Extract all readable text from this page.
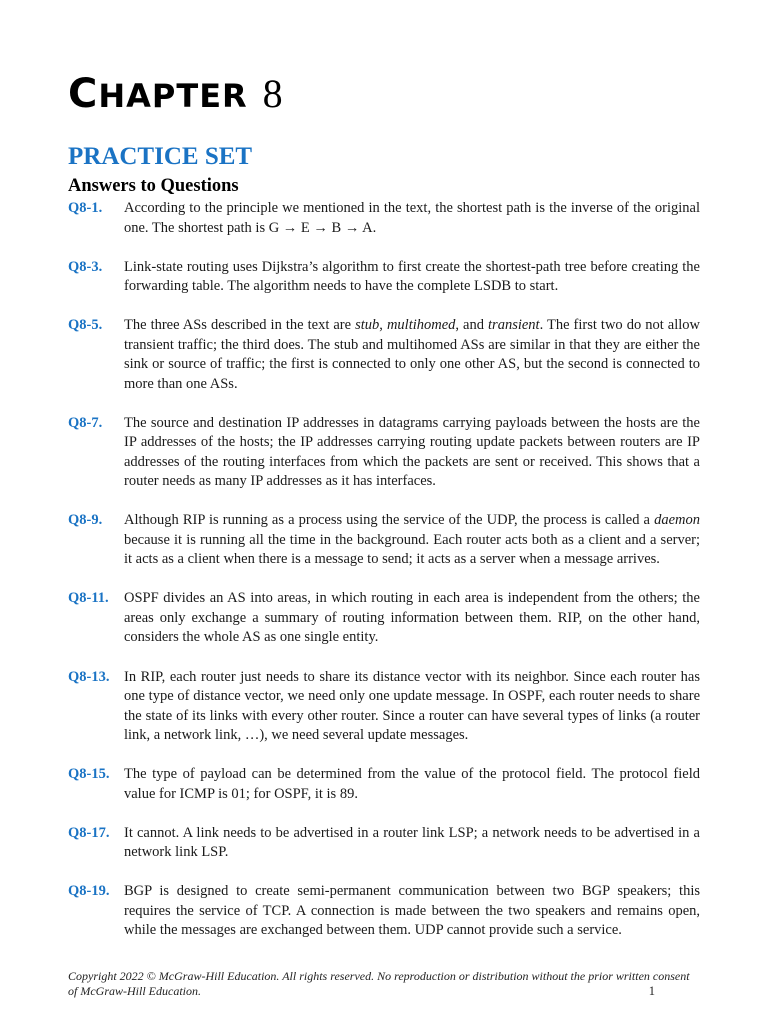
CHAPTER 8
PRACTICE SET
Answers to Questions
Q8-1.	According to the principle we mentioned in the text, the shortest path is the inverse of the original one. The shortest path is G → E → B → A.

Q8-3.	Link-state routing uses Dijkstra’s algorithm to first create the shortest-path tree before creating the forwarding table. The algorithm needs to have the complete LSDB to start.

Q8-5.	The three ASs described in the text are stub, multihomed, and transient. The first two do not allow transient traffic; the third does. The stub and multihomed ASs are similar in that they are either the sink or source of traffic; the first is connected to only one other AS, but the second is connected to more than one ASs.

Q8-7.	The source and destination IP addresses in datagrams carrying payloads between the hosts are the IP addresses of the hosts; the IP addresses carrying routing update packets between routers are IP addresses of the routing interfaces from which the packets are sent or received. This shows that a router needs as many IP addresses as it has interfaces.

Q8-9.	Although RIP is running as a process using the service of the UDP, the process is called a daemon because it is running all the time in the background. Each router acts both as a client and a server; it acts as a client when there is a message to send; it acts as a server when a message arrives.

Q8-11.	OSPF divides an AS into areas, in which routing in each area is independent from the others; the areas only exchange a summary of routing information between them. RIP, on the other hand, considers the whole AS as one single entity.

Q8-13.	In RIP, each router just needs to share its distance vector with its neighbor. Since each router has one type of distance vector, we need only one update message. In OSPF, each router needs to share the state of its links with every other router. Since a router can have several types of links (a router link, a network link, …), we need several update messages.

Q8-15.	The type of payload can be determined from the value of the protocol field. The protocol field value for ICMP is 01; for OSPF, it is 89.

Q8-17.	It cannot. A link needs to be advertised in a router link LSP; a network needs to be advertised in a network link LSP.

Q8-19.	BGP is designed to create semi-permanent communication between two BGP speakers; this requires the service of TCP. A connection is made between the two speakers and remains open, while the messages are exchanged between them. UDP cannot provide such a service.

Copyright 2022 © McGraw-Hill Education. All rights reserved. No reproduction or distribution without the prior written consent of McGraw-Hill Education.	1
